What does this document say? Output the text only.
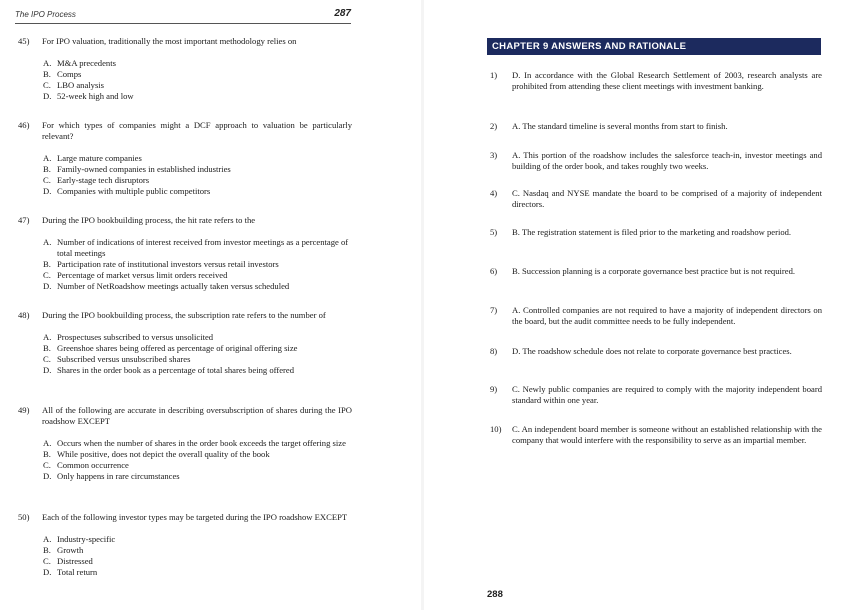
The IPO Process	287
45)	For IPO valuation, traditionally the most important methodology relies on
A. M&A precedents
B. Comps
C. LBO analysis
D. 52-week high and low
46)	For which types of companies might a DCF approach to valuation be particularly relevant?
A. Large mature companies
B. Family-owned companies in established industries
C. Early-stage tech disruptors
D. Companies with multiple public competitors
47)	During the IPO bookbuilding process, the hit rate refers to the
A. Number of indications of interest received from investor meetings as a percentage of total meetings
B. Participation rate of institutional investors versus retail investors
C. Percentage of market versus limit orders received
D. Number of NetRoadshow meetings actually taken versus scheduled
48)	During the IPO bookbuilding process, the subscription rate refers to the number of
A. Prospectuses subscribed to versus unsolicited
B. Greenshoe shares being offered as percentage of original offering size
C. Subscribed versus unsubscribed shares
D. Shares in the order book as a percentage of total shares being offered
49)	All of the following are accurate in describing oversubscription of shares during the IPO roadshow EXCEPT
A. Occurs when the number of shares in the order book exceeds the target offering size
B. While positive, does not depict the overall quality of the book
C. Common occurrence
D. Only happens in rare circumstances
50)	Each of the following investor types may be targeted during the IPO roadshow EXCEPT
A. Industry-specific
B. Growth
C. Distressed
D. Total return
CHAPTER 9 ANSWERS AND RATIONALE
1)	D. In accordance with the Global Research Settlement of 2003, research analysts are prohibited from attending these client meetings with investment banking.
2)	A. The standard timeline is several months from start to finish.
3)	A. This portion of the roadshow includes the salesforce teach-in, investor meetings and building of the order book, and takes roughly two weeks.
4)	C. Nasdaq and NYSE mandate the board to be comprised of a majority of independent directors.
5)	B. The registration statement is filed prior to the marketing and roadshow period.
6)	B. Succession planning is a corporate governance best practice but is not required.
7)	A. Controlled companies are not required to have a majority of independent directors on the board, but the audit committee needs to be fully independent.
8)	D. The roadshow schedule does not relate to corporate governance best practices.
9)	C. Newly public companies are required to comply with the majority independent board standard within one year.
10)	C. An independent board member is someone without an established relationship with the company that would interfere with the responsibility to serve as an impartial member.
288
